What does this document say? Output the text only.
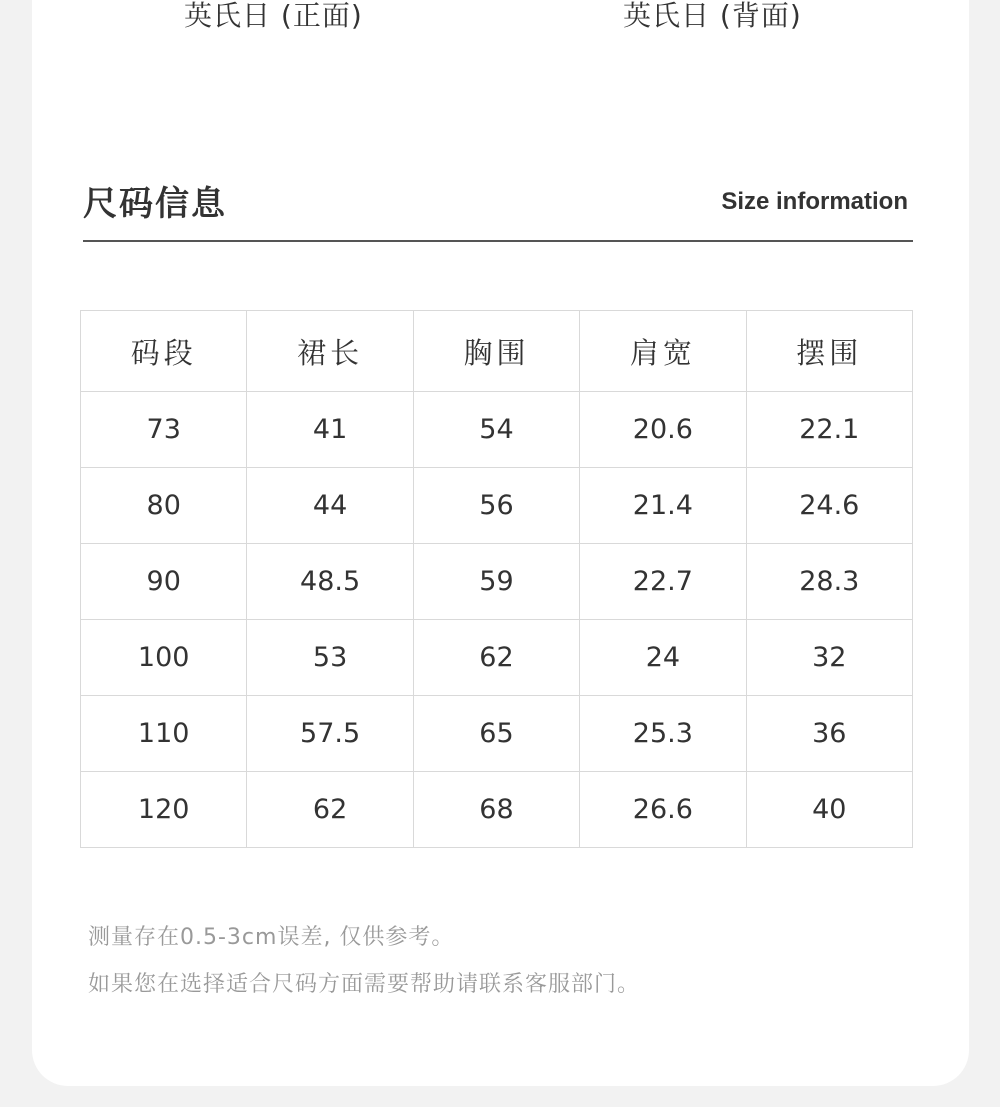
英氏日 (正面)	英氏日 (背面)
尺码信息	Size information
码段	裙长	胸围	肩宽	摆围
73	41	54	20.6	22.1
80	44	56	21.4	24.6
90	48.5	59	22.7	28.3
100	53	62	24	32
110	57.5	65	25.3	36
120	62	68	26.6	40
测量存在0.5-3cm误差, 仅供参考。
如果您在选择适合尺码方面需要帮助请联系客服部门。
